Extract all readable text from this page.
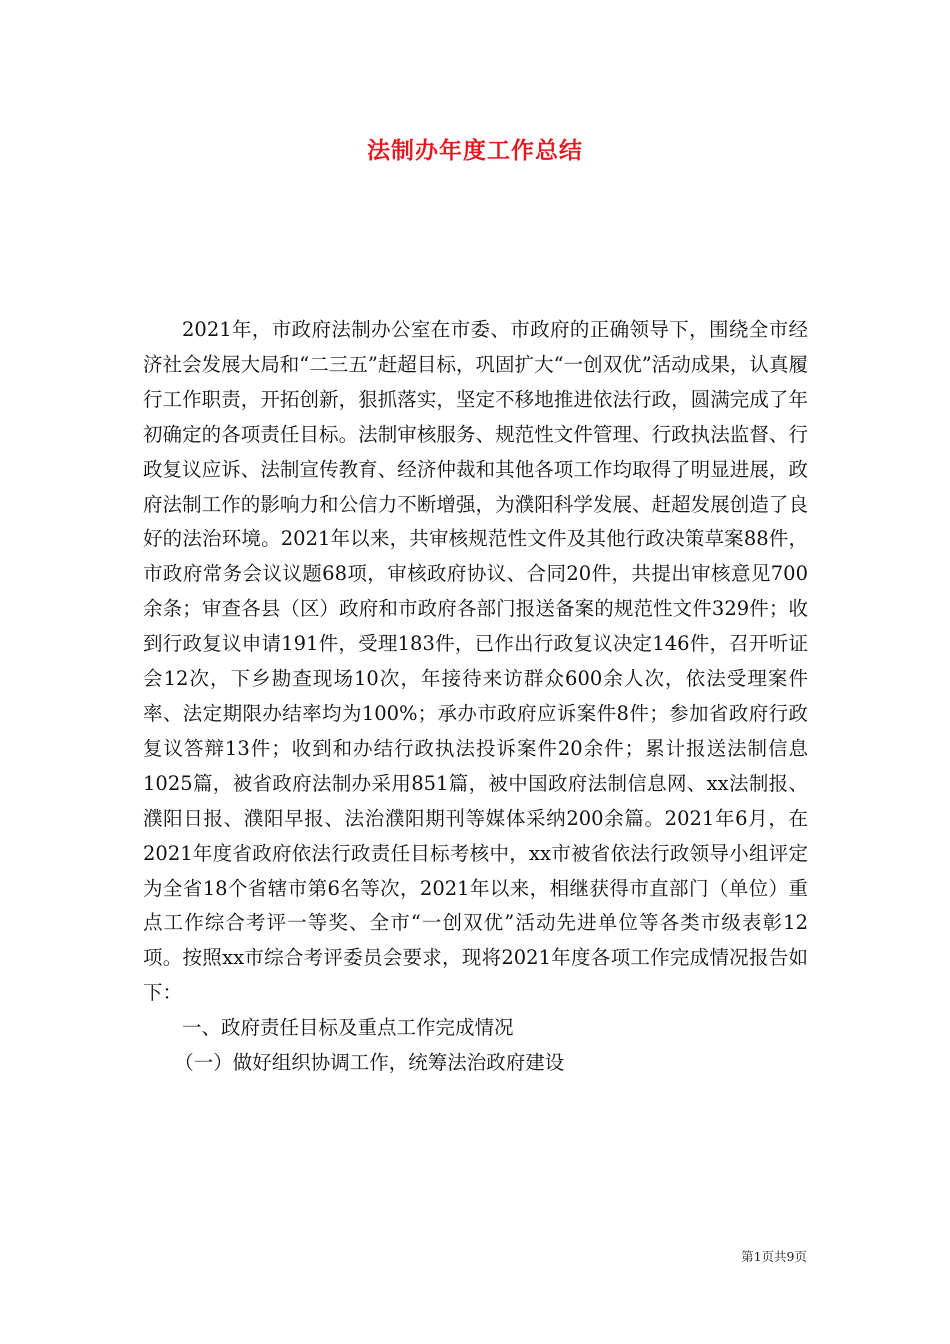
法制办年度工作总结

2021年，市政府法制办公室在市委、市政府的正确领导下，围绕全市经济社会发展大局和“二三五”赶超目标，巩固扩大“一创双优”活动成果，认真履行工作职责，开拓创新，狠抓落实，坚定不移地推进依法行政，圆满完成了年初确定的各项责任目标。法制审核服务、规范性文件管理、行政执法监督、行政复议应诉、法制宣传教育、经济仲裁和其他各项工作均取得了明显进展，政府法制工作的影响力和公信力不断增强，为濮阳科学发展、赶超发展创造了良好的法治环境。2021年以来，共审核规范性文件及其他行政决策草案88件，市政府常务会议议题68项，审核政府协议、合同20件，共提出审核意见700余条；审查各县（区）政府和市政府各部门报送备案的规范性文件329件；收到行政复议申请191件，受理183件，已作出行政复议决定146件，召开听证会12次，下乡勘查现场10次，年接待来访群众600余人次，依法受理案件率、法定期限办结率均为100%；承办市政府应诉案件8件；参加省政府行政复议答辩13件；收到和办结行政执法投诉案件20余件；累计报送法制信息1025篇，被省政府法制办采用851篇，被中国政府法制信息网、xx法制报、濮阳日报、濮阳早报、法治濮阳期刊等媒体采纳200余篇。2021年6月，在2021年度省政府依法行政责任目标考核中，xx市被省依法行政领导小组评定为全省18个省辖市第6名等次，2021年以来，相继获得市直部门（单位）重点工作综合考评一等奖、全市“一创双优”活动先进单位等各类市级表彰12项。按照xx市综合考评委员会要求，现将2021年度各项工作完成情况报告如下：

一、政府责任目标及重点工作完成情况

（一）做好组织协调工作，统筹法治政府建设

第1页共9页
